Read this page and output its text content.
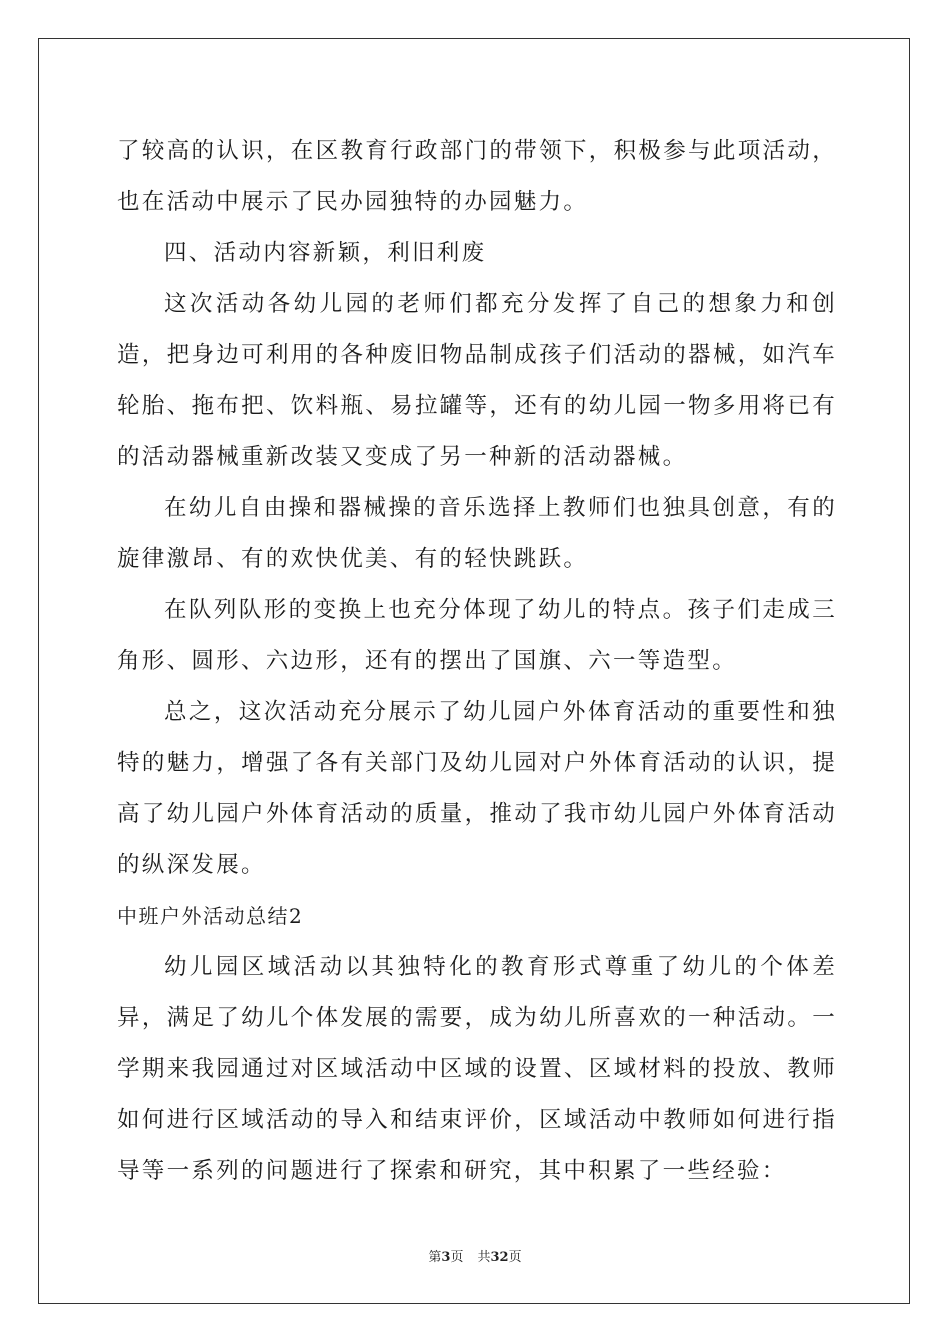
了较高的认识，在区教育行政部门的带领下，积极参与此项活动，也在活动中展示了民办园独特的办园魅力。

四、活动内容新颖，利旧利废

这次活动各幼儿园的老师们都充分发挥了自己的想象力和创造，把身边可利用的各种废旧物品制成孩子们活动的器械，如汽车轮胎、拖布把、饮料瓶、易拉罐等，还有的幼儿园一物多用将已有的活动器械重新改装又变成了另一种新的活动器械。

在幼儿自由操和器械操的音乐选择上教师们也独具创意，有的旋律激昂、有的欢快优美、有的轻快跳跃。

在队列队形的变换上也充分体现了幼儿的特点。孩子们走成三角形、圆形、六边形，还有的摆出了国旗、六一等造型。

总之，这次活动充分展示了幼儿园户外体育活动的重要性和独特的魅力，增强了各有关部门及幼儿园对户外体育活动的认识，提高了幼儿园户外体育活动的质量，推动了我市幼儿园户外体育活动的纵深发展。

中班户外活动总结2

幼儿园区域活动以其独特化的教育形式尊重了幼儿的个体差异，满足了幼儿个体发展的需要，成为幼儿所喜欢的一种活动。一学期来我园通过对区域活动中区域的设置、区域材料的投放、教师如何进行区域活动的导入和结束评价，区域活动中教师如何进行指导等一系列的问题进行了探索和研究，其中积累了一些经验：

第3页 共32页
